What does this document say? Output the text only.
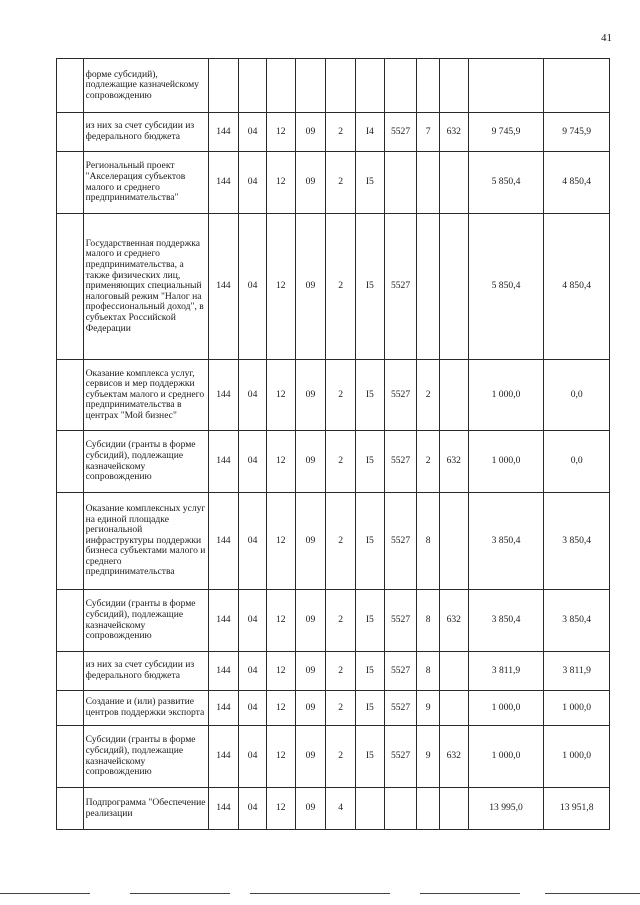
41
	форме субсидий), подлежащие казначейскому сопровождению											
	из них за счет субсидии из федерального бюджета	144	04	12	09	2	I4	5527	7	632	9 745,9	9 745,9
	Региональный проект "Акселерация субъектов малого и среднего предпринимательства"	144	04	12	09	2	I5				5 850,4	4 850,4
	Государственная поддержка малого и среднего предпринимательства, а также физических лиц, применяющих специальный налоговый режим "Налог на профессиональный доход", в субъектах Российской Федерации	144	04	12	09	2	I5	5527			5 850,4	4 850,4
	Оказание комплекса услуг, сервисов и мер поддержки субъектам малого и среднего предпринимательства в центрах "Мой бизнес"	144	04	12	09	2	I5	5527	2		1 000,0	0,0
	Субсидии (гранты в форме субсидий), подлежащие казначейскому сопровождению	144	04	12	09	2	I5	5527	2	632	1 000,0	0,0
	Оказание комплексных услуг на единой площадке региональной инфраструктуры поддержки бизнеса субъектами малого и среднего предпринимательства	144	04	12	09	2	I5	5527	8		3 850,4	3 850,4
	Субсидии (гранты в форме субсидий), подлежащие казначейскому сопровождению	144	04	12	09	2	I5	5527	8	632	3 850,4	3 850,4
	из них за счет субсидии из федерального бюджета	144	04	12	09	2	I5	5527	8		3 811,9	3 811,9
	Создание и (или) развитие центров поддержки экспорта	144	04	12	09	2	I5	5527	9		1 000,0	1 000,0
	Субсидии (гранты в форме субсидий), подлежащие казначейскому сопровождению	144	04	12	09	2	I5	5527	9	632	1 000,0	1 000,0
	Подпрограмма "Обеспечение реализации	144	04	12	09	4					13 995,0	13 951,8
